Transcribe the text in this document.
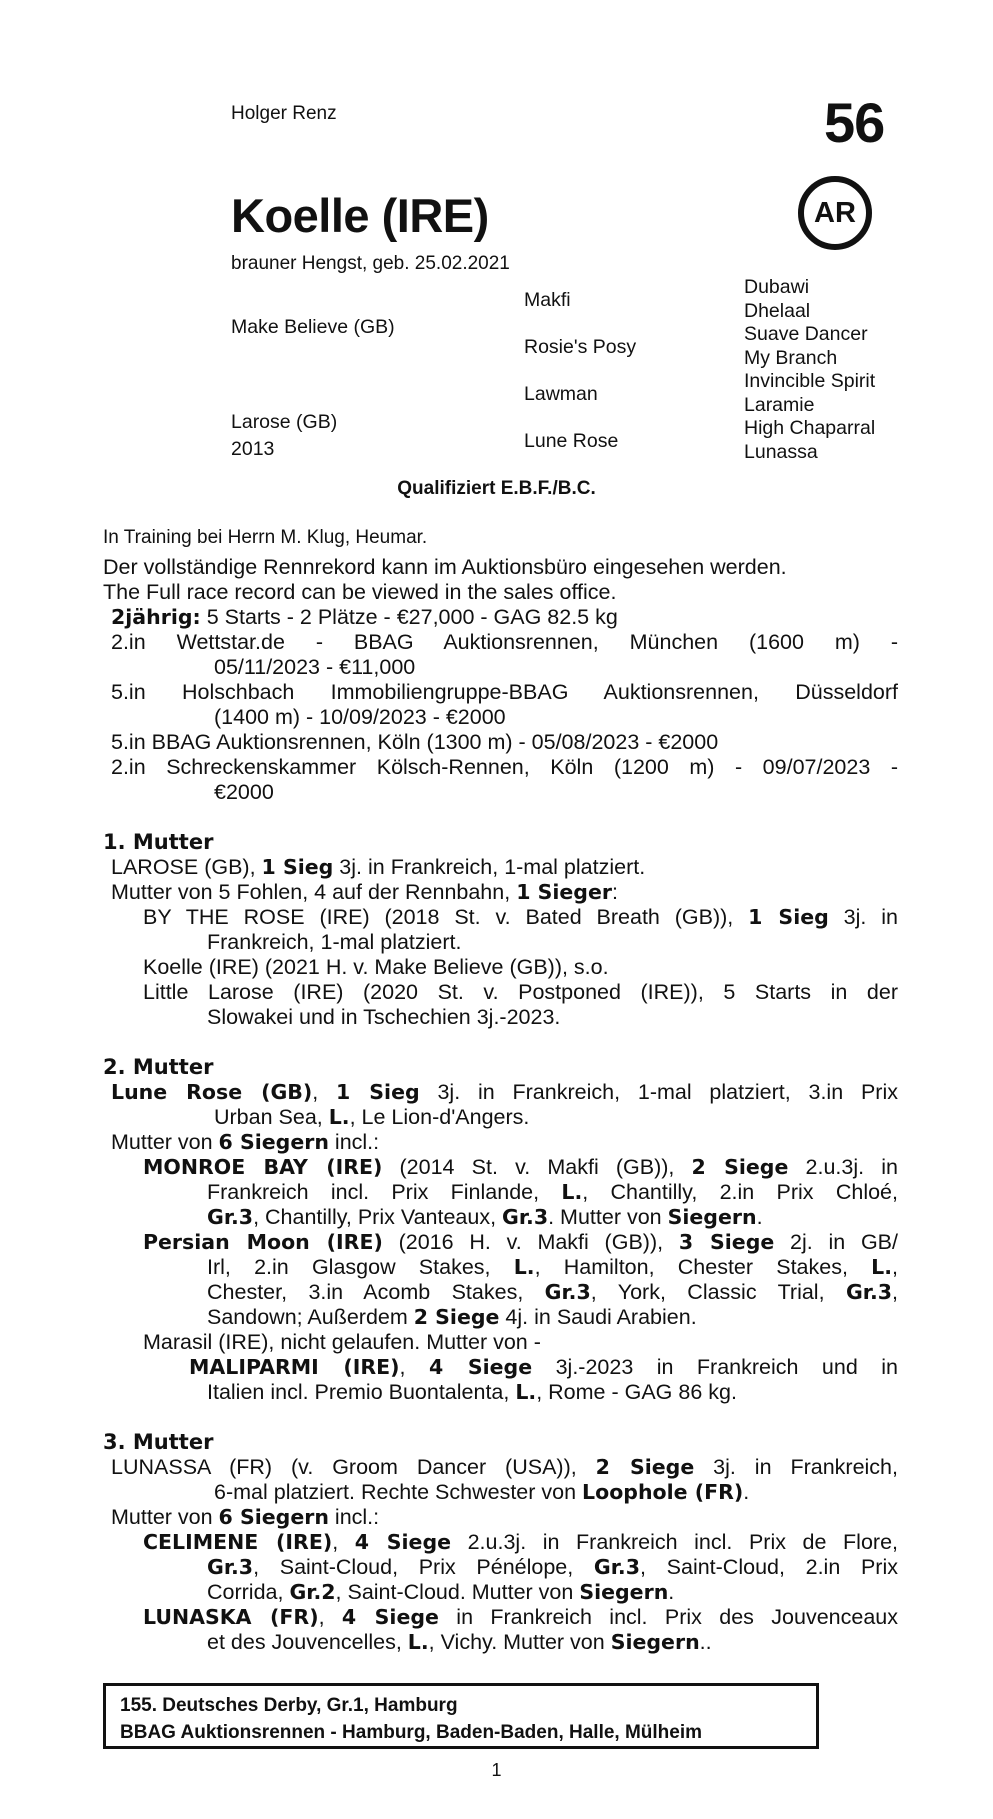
Holger Renz	56
AR
Koelle (IRE)
brauner Hengst, geb. 25.02.2021
Make Believe (GB)
Larose (GB)
2013
Makfi
Rosie's Posy
Lawman
Lune Rose
Dubawi
Dhelaal
Suave Dancer
My Branch
Invincible Spirit
Laramie
High Chaparral
Lunassa
Qualifiziert E.B.F./B.C.
In Training bei Herrn M. Klug, Heumar.
Der vollständige Rennrekord kann im Auktionsbüro eingesehen werden.
The Full race record can be viewed in the sales office.
2jährig: 5 Starts - 2 Plätze - €27,000 - GAG 82.5 kg
2.in Wettstar.de - BBAG Auktionsrennen, München (1600 m) -
05/11/2023 - €11,000
5.in Holschbach Immobiliengruppe-BBAG Auktionsrennen, Düsseldorf
(1400 m) - 10/09/2023 - €2000
5.in BBAG Auktionsrennen, Köln (1300 m) - 05/08/2023 - €2000
2.in Schreckenskammer Kölsch-Rennen, Köln (1200 m) - 09/07/2023 -
€2000
1. Mutter
LAROSE (GB), 1 Sieg 3j. in Frankreich, 1-mal platziert.
Mutter von 5 Fohlen, 4 auf der Rennbahn, 1 Sieger:
BY THE ROSE (IRE) (2018 St. v. Bated Breath (GB)), 1 Sieg 3j. in
Frankreich, 1-mal platziert.
Koelle (IRE) (2021 H. v. Make Believe (GB)), s.o.
Little Larose (IRE) (2020 St. v. Postponed (IRE)), 5 Starts in der
Slowakei und in Tschechien 3j.-2023.
2. Mutter
Lune Rose (GB), 1 Sieg 3j. in Frankreich, 1-mal platziert, 3.in Prix
Urban Sea, L., Le Lion-d'Angers.
Mutter von 6 Siegern incl.:
MONROE BAY (IRE) (2014 St. v. Makfi (GB)), 2 Siege 2.u.3j. in
Frankreich incl. Prix Finlande, L., Chantilly, 2.in Prix Chloé,
Gr.3, Chantilly, Prix Vanteaux, Gr.3. Mutter von Siegern.
Persian Moon (IRE) (2016 H. v. Makfi (GB)), 3 Siege 2j. in GB/
Irl, 2.in Glasgow Stakes, L., Hamilton, Chester Stakes, L.,
Chester, 3.in Acomb Stakes, Gr.3, York, Classic Trial, Gr.3,
Sandown; Außerdem 2 Siege 4j. in Saudi Arabien.
Marasil (IRE), nicht gelaufen. Mutter von -
MALIPARMI (IRE), 4 Siege 3j.-2023 in Frankreich und in
Italien incl. Premio Buontalenta, L., Rome - GAG 86 kg.
3. Mutter
LUNASSA (FR) (v. Groom Dancer (USA)), 2 Siege 3j. in Frankreich,
6-mal platziert. Rechte Schwester von Loophole (FR).
Mutter von 6 Siegern incl.:
CELIMENE (IRE), 4 Siege 2.u.3j. in Frankreich incl. Prix de Flore,
Gr.3, Saint-Cloud, Prix Pénélope, Gr.3, Saint-Cloud, 2.in Prix
Corrida, Gr.2, Saint-Cloud. Mutter von Siegern.
LUNASKA (FR), 4 Siege in Frankreich incl. Prix des Jouvenceaux
et des Jouvencelles, L., Vichy. Mutter von Siegern..
155. Deutsches Derby, Gr.1, Hamburg
BBAG Auktionsrennen - Hamburg, Baden-Baden, Halle, Mülheim
1
